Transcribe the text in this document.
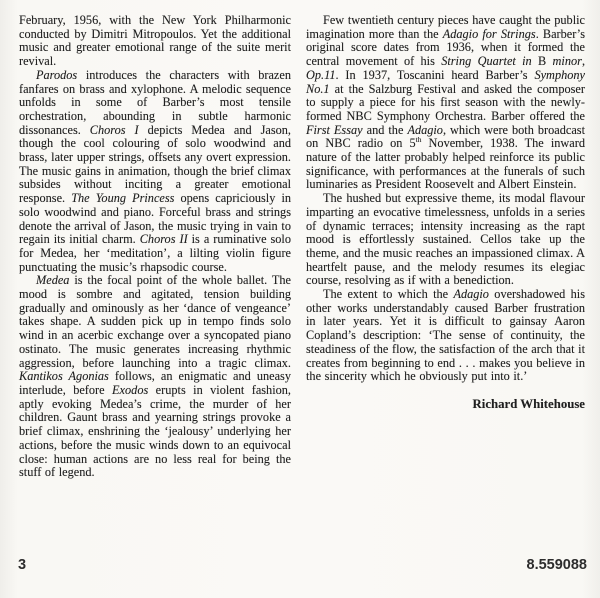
February, 1956, with the New York Philharmonic conducted by Dimitri Mitropoulos. Yet the additional music and greater emotional range of the suite merit revival.

Parodos introduces the characters with brazen fanfares on brass and xylophone. A melodic sequence unfolds in some of Barber’s most tensile orchestration, abounding in subtle harmonic dissonances. Choros I depicts Medea and Jason, though the cool colouring of solo woodwind and brass, later upper strings, offsets any overt expression. The music gains in animation, though the brief climax subsides without inciting a greater emotional response. The Young Princess opens capriciously in solo woodwind and piano. Forceful brass and strings denote the arrival of Jason, the music trying in vain to regain its initial charm. Choros II is a ruminative solo for Medea, her ‘meditation’, a lilting violin figure punctuating the music’s rhapsodic course.

Medea is the focal point of the whole ballet. The mood is sombre and agitated, tension building gradually and ominously as her ‘dance of vengeance’ takes shape. A sudden pick up in tempo finds solo wind in an acerbic exchange over a syncopated piano ostinato. The music generates increasing rhythmic aggression, before launching into a tragic climax. Kantikos Agonias follows, an enigmatic and uneasy interlude, before Exodos erupts in violent fashion, aptly evoking Medea’s crime, the murder of her children. Gaunt brass and yearning strings provoke a brief climax, enshrining the ‘jealousy’ underlying her actions, before the music winds down to an equivocal close: human actions are no less real for being the stuff of legend.

Few twentieth century pieces have caught the public imagination more than the Adagio for Strings. Barber’s original score dates from 1936, when it formed the central movement of his String Quartet in B minor, Op.11. In 1937, Toscanini heard Barber’s Symphony No.1 at the Salzburg Festival and asked the composer to supply a piece for his first season with the newly-formed NBC Symphony Orchestra. Barber offered the First Essay and the Adagio, which were both broadcast on NBC radio on 5th November, 1938. The inward nature of the latter probably helped reinforce its public significance, with performances at the funerals of such luminaries as President Roosevelt and Albert Einstein.

The hushed but expressive theme, its modal flavour imparting an evocative timelessness, unfolds in a series of dynamic terraces; intensity increasing as the rapt mood is effortlessly sustained. Cellos take up the theme, and the music reaches an impassioned climax. A heartfelt pause, and the melody resumes its elegiac course, resolving as if with a benediction.

The extent to which the Adagio overshadowed his other works understandably caused Barber frustration in later years. Yet it is difficult to gainsay Aaron Copland’s description: ‘The sense of continuity, the steadiness of the flow, the satisfaction of the arch that it creates from beginning to end . . . makes you believe in the sincerity which he obviously put into it.’

Richard Whitehouse

3	8.559088
